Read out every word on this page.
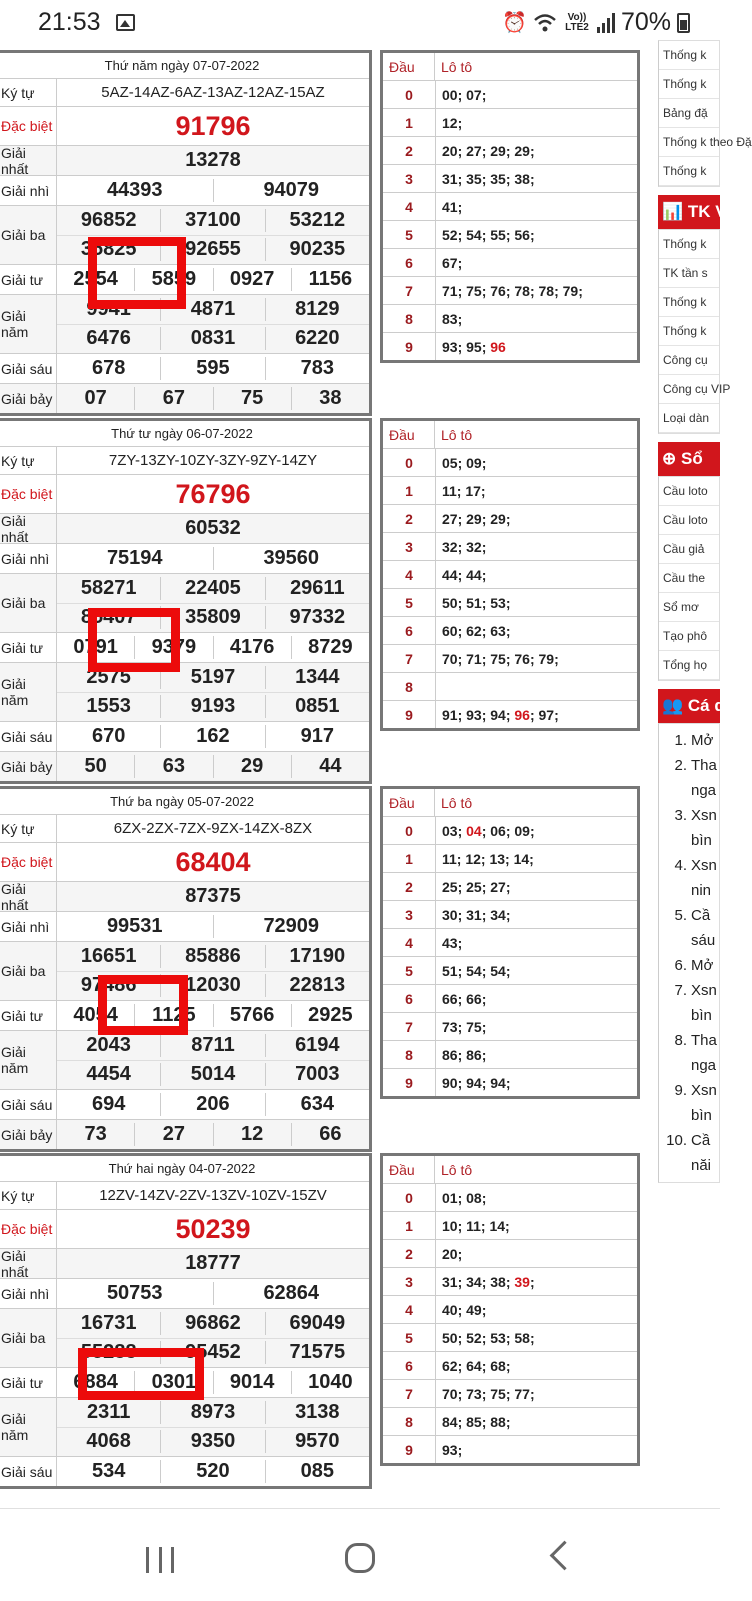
21:53	⏰	Vo)) LTE2 70%
Thứ năm ngày 07-07-2022
Ký tự	5AZ-14AZ-6AZ-13AZ-12AZ-15AZ
Đặc biệt	91796
Giải nhất	13278
Giải nhì	44393	94079
Giải ba
96852	37100	53212
35825	92655	90235
Giải tư	2554	5859	0927	1156
Giải năm
9941	4871	8129
6476	0831	6220
Giải sáu	678	595	783
Giải bảy	07	67	75	38
Thứ tư ngày 06-07-2022
Ký tự	7ZY-13ZY-10ZY-3ZY-9ZY-14ZY
Đặc biệt	76796
Giải nhất	60532
Giải nhì	75194	39560
Giải ba
58271	22405	29611
85407	35809	97332
Giải tư	0791	9379	4176	8729
Giải năm
2575	5197	1344
1553	9193	0851
Giải sáu	670	162	917
Giải bảy	50	63	29	44
Thứ ba ngày 05-07-2022
Ký tự	6ZX-2ZX-7ZX-9ZX-14ZX-8ZX
Đặc biệt	68404
Giải nhất	87375
Giải nhì	99531	72909
Giải ba
16651	85886	17190
97486	12030	22813
Giải tư	4054	1125	5766	2925
Giải năm
2043	8711	6194
4454	5014	7003
Giải sáu	694	206	634
Giải bảy	73	27	12	66
Thứ hai ngày 04-07-2022
Ký tự	12ZV-14ZV-2ZV-13ZV-10ZV-15ZV
Đặc biệt	50239
Giải nhất	18777
Giải nhì	50753	62864
Giải ba
16731	96862	69049
55288	95452	71575
Giải tư	6884	0301	9014	1040
Giải năm
2311	8973	3138
4068	9350	9570
Giải sáu	534	520	085
Đầu	Lô tô
0	00; 07;
1	12;
2	20; 27; 29; 29;
3	31; 35; 35; 38;
4	41;
5	52; 54; 55; 56;
6	67;
7	71; 75; 76; 78; 78; 79;
8	83;
9	93; 95; 96
Đầu	Lô tô
0	05; 09;
1	11; 17;
2	27; 29; 29;
3	32; 32;
4	44; 44;
5	50; 51; 53;
6	60; 62; 63;
7	70; 71; 75; 76; 79;
8
9	91; 93; 94; 96; 97;
Đầu	Lô tô
0	03; 04; 06; 09;
1	11; 12; 13; 14;
2	25; 25; 27;
3	30; 31; 34;
4	43;
5	51; 54; 54;
6	66; 66;
7	73; 75;
8	86; 86;
9	90; 94; 94;
Đầu	Lô tô
0	01; 08;
1	10; 11; 14;
2	20;
3	31; 34; 38; 39;
4	40; 49;
5	50; 52; 53; 58;
6	62; 64; 68;
7	70; 73; 75; 77;
8	84; 85; 88;
9	93;
Thống k
Thống k
Bảng đặ
Thống k theo Đặ
Thống k
📊 TK VIP
Thống k
TK tần s
Thống k
Thống k
Công cụ
Công cụ VIP
Loại dàn
⊕ Sổ
Cầu loto
Cầu loto
Cầu giả
Cầu the
Sổ mơ
Tạo phô
Tổng họ
👥 Cá diễn
1. Mở
2. Tha
nga
3. Xsn
bìn
4. Xsn
nin
5. Cầ
sáu
6. Mở
7. Xsn
bìn
8. Tha
nga
9. Xsn
bìn
10. Cầ
năi
